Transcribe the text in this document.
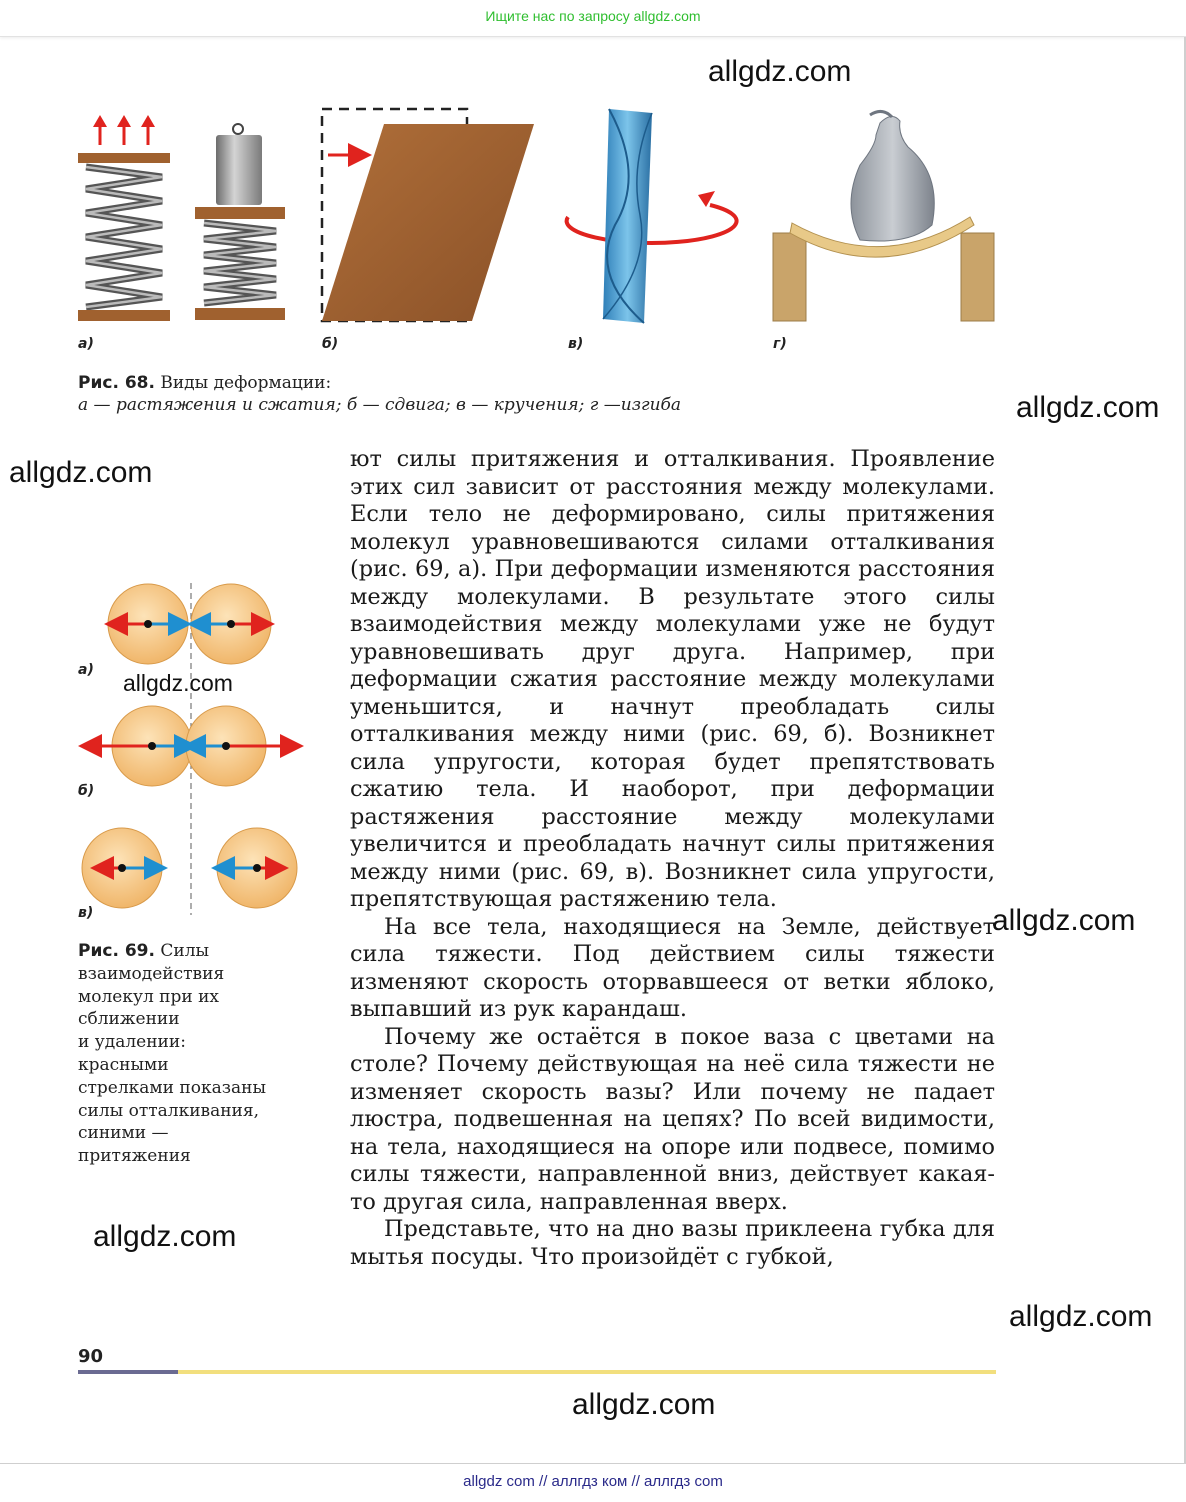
Ищите нас по запросу allgdz.com
а)	б)	в)	г)
Рис. 68. Виды деформации:
а — растяжения и сжатия; б — сдвига; в — кручения; г —изгиба

ют силы притяжения и отталкивания. Проявление этих сил зависит от расстояния между молекулами. Если тело не деформировано, силы притяжения молекул уравновешиваются силами отталкивания (рис. 69, а). При деформации изменяются расстояния между молекулами. В результате этого силы взаимодействия между молекулами уже не будут уравновешивать друг друга. Например, при деформации сжатия расстояние между молекулами уменьшится, и начнут преобладать силы отталкивания между ними (рис. 69, б). Возникнет сила упругости, которая будет препятствовать сжатию тела. И наоборот, при деформации растяжения расстояние между молекулами увеличится и преобладать начнут силы притяжения между ними (рис. 69, в). Возникнет сила упругости, препятствующая растяжению тела.

На все тела, находящиеся на Земле, действует сила тяжести. Под действием силы тяжести изменяют скорость оторвавшееся от ветки яблоко, выпавший из рук карандаш.

Почему же остаётся в покое ваза с цветами на столе? Почему действующая на неё сила тяжести не изменяет скорость вазы? Или почему не падает люстра, подвешенная на цепях? По всей видимости, на тела, находящиеся на опоре или подвесе, помимо силы тяжести, направленной вниз, действует какая-то другая сила, направленная вверх.

Представьте, что на дно вазы приклеена губка для мытья посуды. Что произойдёт с губкой,

а)
б)
в)
Рис. 69. Силы
взаимодействия
молекул при их
сближении
и удалении:
красными
стрелками показаны
силы отталкивания,
синими —
притяжения
90
allgdz.com
allgdz.com
allgdz.com
allgdz.com
allgdz.com
allgdz.com
allgdz.com
allgdz.com
allgdz com // аллгдз ком // аллгдз com
